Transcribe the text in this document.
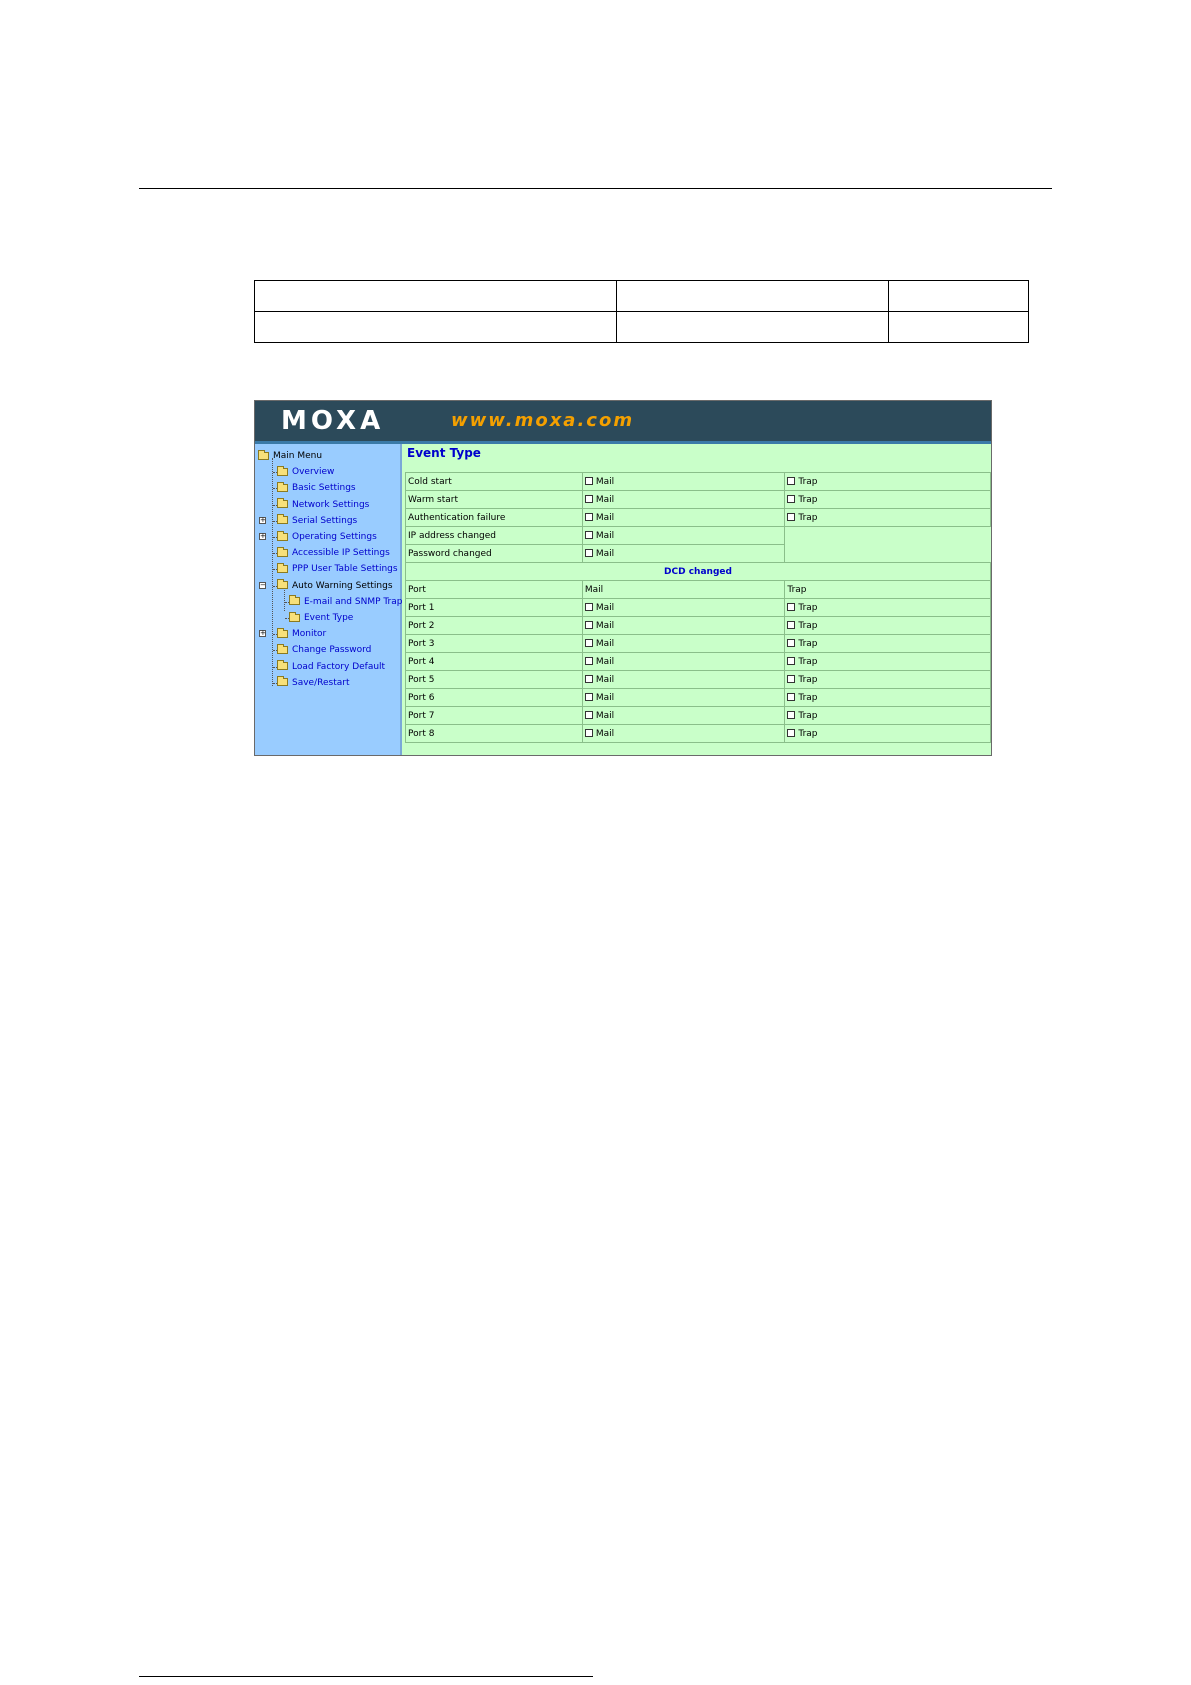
MOXA	www.moxa.com
Main Menu
Overview
Basic Settings
Network Settings
+	Serial Settings
+	Operating Settings
Accessible IP Settings
PPP User Table Settings
−	Auto Warning Settings
E-mail and SNMP Trap
Event Type
+	Monitor
Change Password
Load Factory Default
Save/Restart
Event Type
Cold start	Mail	Trap
Warm start	Mail	Trap
Authentication failure	Mail	Trap
IP address changed	Mail	
Password changed	Mail	
DCD changed		
Port	Mail	Trap
Port 1	Mail	Trap
Port 2	Mail	Trap
Port 3	Mail	Trap
Port 4	Mail	Trap
Port 5	Mail	Trap
Port 6	Mail	Trap
Port 7	Mail	Trap
Port 8	Mail	Trap
